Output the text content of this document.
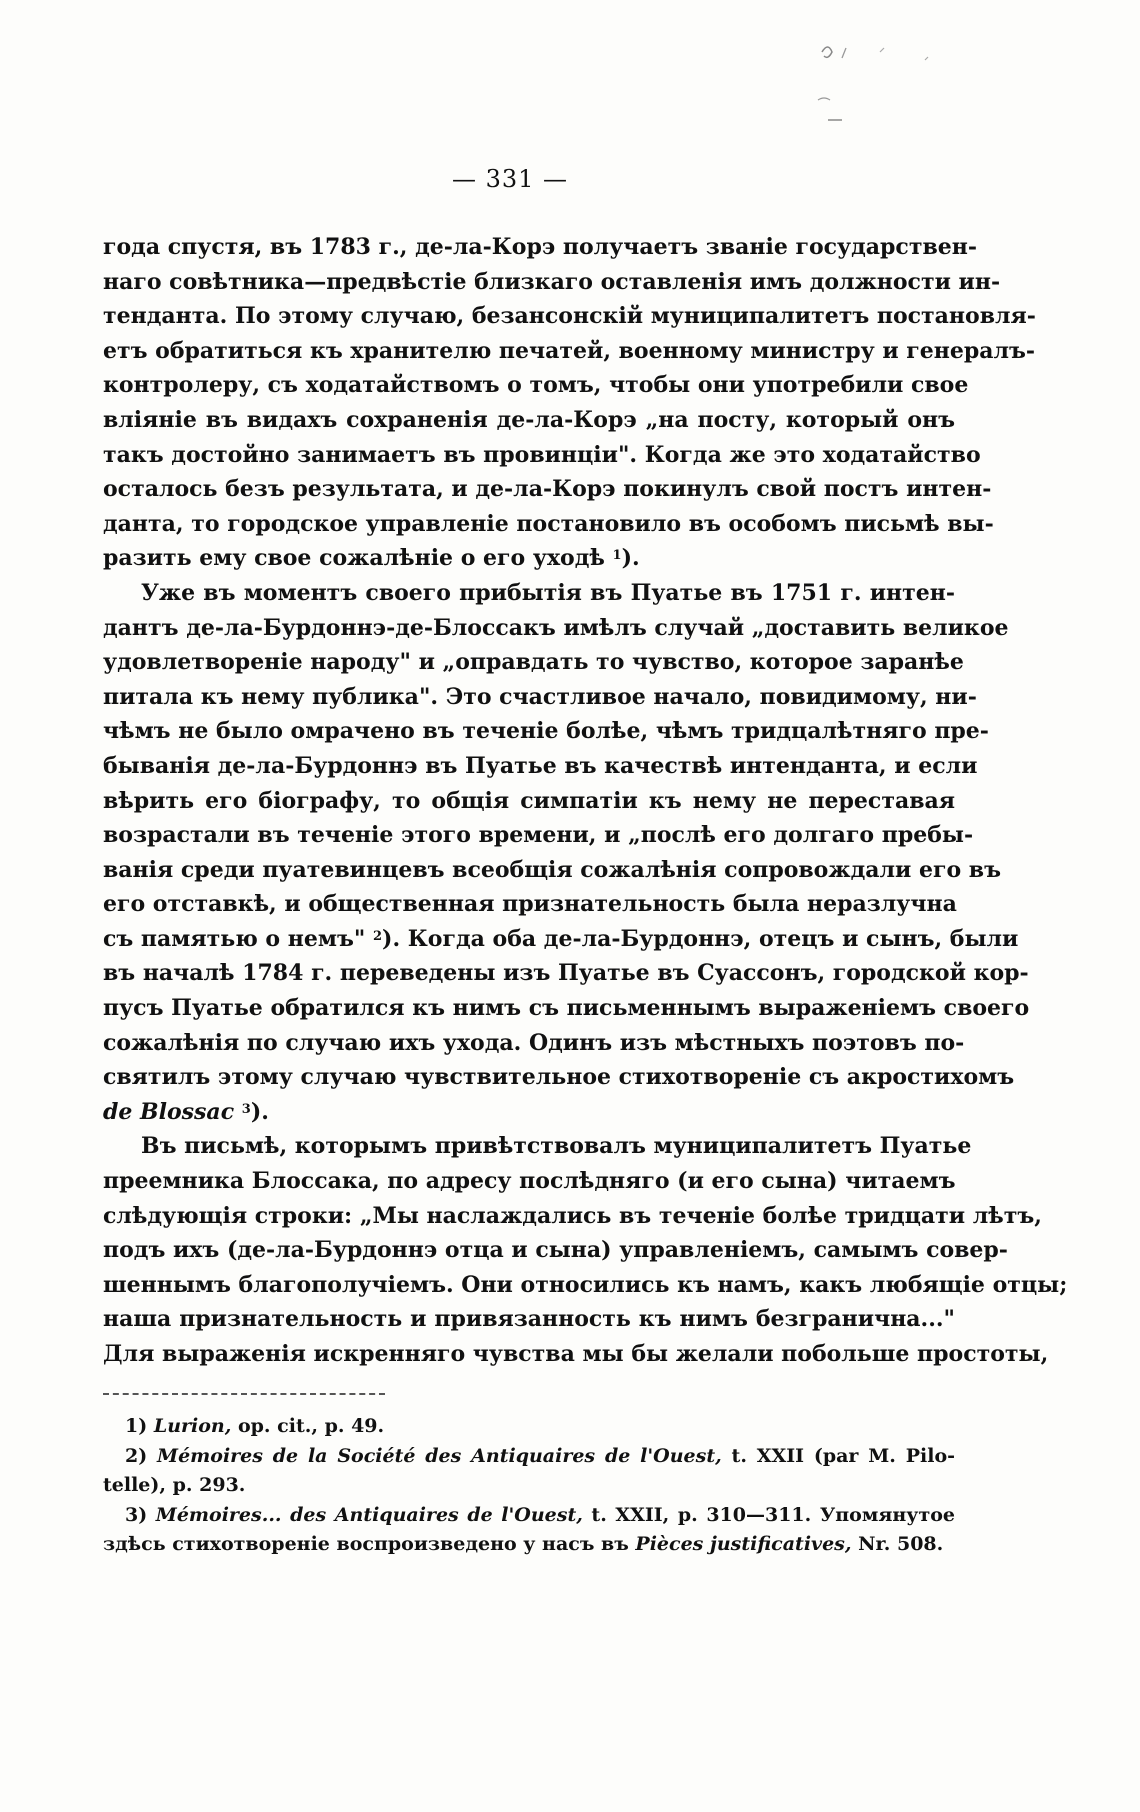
— 331 —
года спустя, въ 1783 г., де-ла-Корэ получаетъ званіе государствен-
наго совѣтника—предвѣстіе близкаго оставленія имъ должности ин-
тенданта. По этому случаю, безансонскій муниципалитетъ постановля-
етъ обратиться къ хранителю печатей, военному министру и генералъ-
контролеру, съ ходатайствомъ о томъ, чтобы они употребили свое
вліяніе въ видахъ сохраненія де-ла-Корэ „на посту, который онъ
такъ достойно занимаетъ въ провинціи". Когда же это ходатайство
осталось безъ результата, и де-ла-Корэ покинулъ свой постъ интен-
данта, то городское управленіе постановило въ особомъ письмѣ вы-
разить ему свое сожалѣніе о его уходѣ $^1$).
Уже въ моментъ своего прибытія въ Пуатье въ 1751 г. интен-
дантъ де-ла-Бурдоннэ-де-Блоссакъ имѣлъ случай „доставить великое
удовлетвореніе народу" и „оправдать то чувство, которое заранѣе
питала къ нему публика". Это счастливое начало, повидимому, ни-
чѣмъ не было омрачено въ теченіе болѣе, чѣмъ тридцалѣтняго пре-
быванія де-ла-Бурдоннэ въ Пуатье въ качествѣ интенданта, и если
вѣрить его біографу, то общія симпатіи къ нему не переставая
возрастали въ теченіе этого времени, и „послѣ его долгаго пребы-
ванія среди пуатевинцевъ всеобщія сожалѣнія сопровождали его въ
его отставкѣ, и общественная признательность была неразлучна
съ памятью о немъ" $^2$). Когда оба де-ла-Бурдоннэ, отецъ и сынъ, были
въ началѣ 1784 г. переведены изъ Пуатье въ Суассонъ, городской кор-
пусъ Пуатье обратился къ нимъ съ письменнымъ выраженіемъ своего
сожалѣнія по случаю ихъ ухода. Одинъ изъ мѣстныхъ поэтовъ по-
святилъ этому случаю чувствительное стихотвореніе съ акростихомъ
de Blossac $^3$).
Въ письмѣ, которымъ привѣтствовалъ муниципалитетъ Пуатье
преемника Блоссака, по адресу послѣдняго (и его сына) читаемъ
слѣдующія строки: „Мы наслаждались въ теченіе болѣе тридцати лѣтъ,
подъ ихъ (де-ла-Бурдоннэ отца и сына) управленіемъ, самымъ совер-
шеннымъ благополучіемъ. Они относились къ намъ, какъ любящіе отцы;
наша признательность и привязанность къ нимъ безгранична..."
Для выраженія искренняго чувства мы бы желали побольше простоты,
1) Lurion, op. cit., p. 49.
2) Mémoires de la Société des Antiquaires de l'Ouest, t. XXII (par M. Pilo-
telle), p. 293.
3) Mémoires... des Antiquaires de l'Ouest, t. XXII, p. 310—311. Упомянутое
здѣсь стихотвореніе воспроизведено у насъ въ Pièces justificatives, Nr. 508.
